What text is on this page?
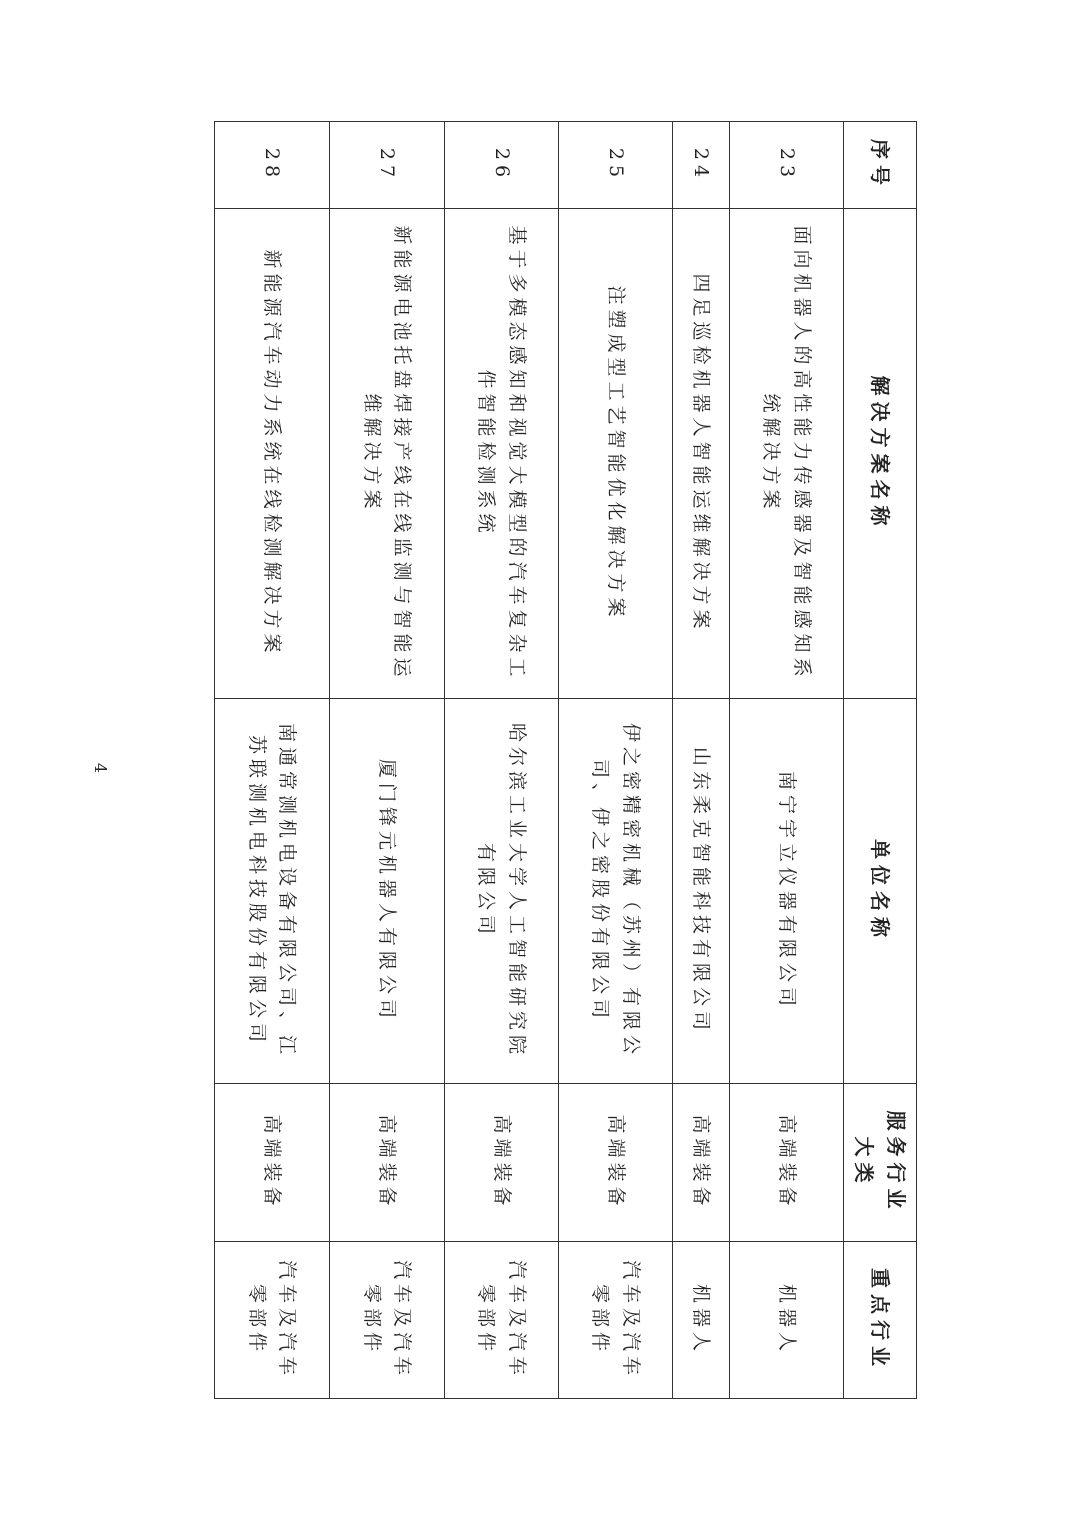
4
序号	解决方案名称	单位名称	服务行业大类	重点行业
23	面向机器人的高性能力传感器及智能感知系统解决方案	南宁宇立仪器有限公司	高端装备	机器人
24	四足巡检机器人智能运维解决方案	山东柔克智能科技有限公司	高端装备	机器人
25	注塑成型工艺智能优化解决方案	伊之密精密机械（苏州）有限公司、伊之密股份有限公司	高端装备	汽车及汽车零部件
26	基于多模态感知和视觉大模型的汽车复杂工件智能检测系统	哈尔滨工业大学人工智能研究院有限公司	高端装备	汽车及汽车零部件
27	新能源电池托盘焊接产线在线监测与智能运维解决方案	厦门锋元机器人有限公司	高端装备	汽车及汽车零部件
28	新能源汽车动力系统在线检测解决方案	南通常测机电设备有限公司、江苏联测机电科技股份有限公司	高端装备	汽车及汽车零部件
